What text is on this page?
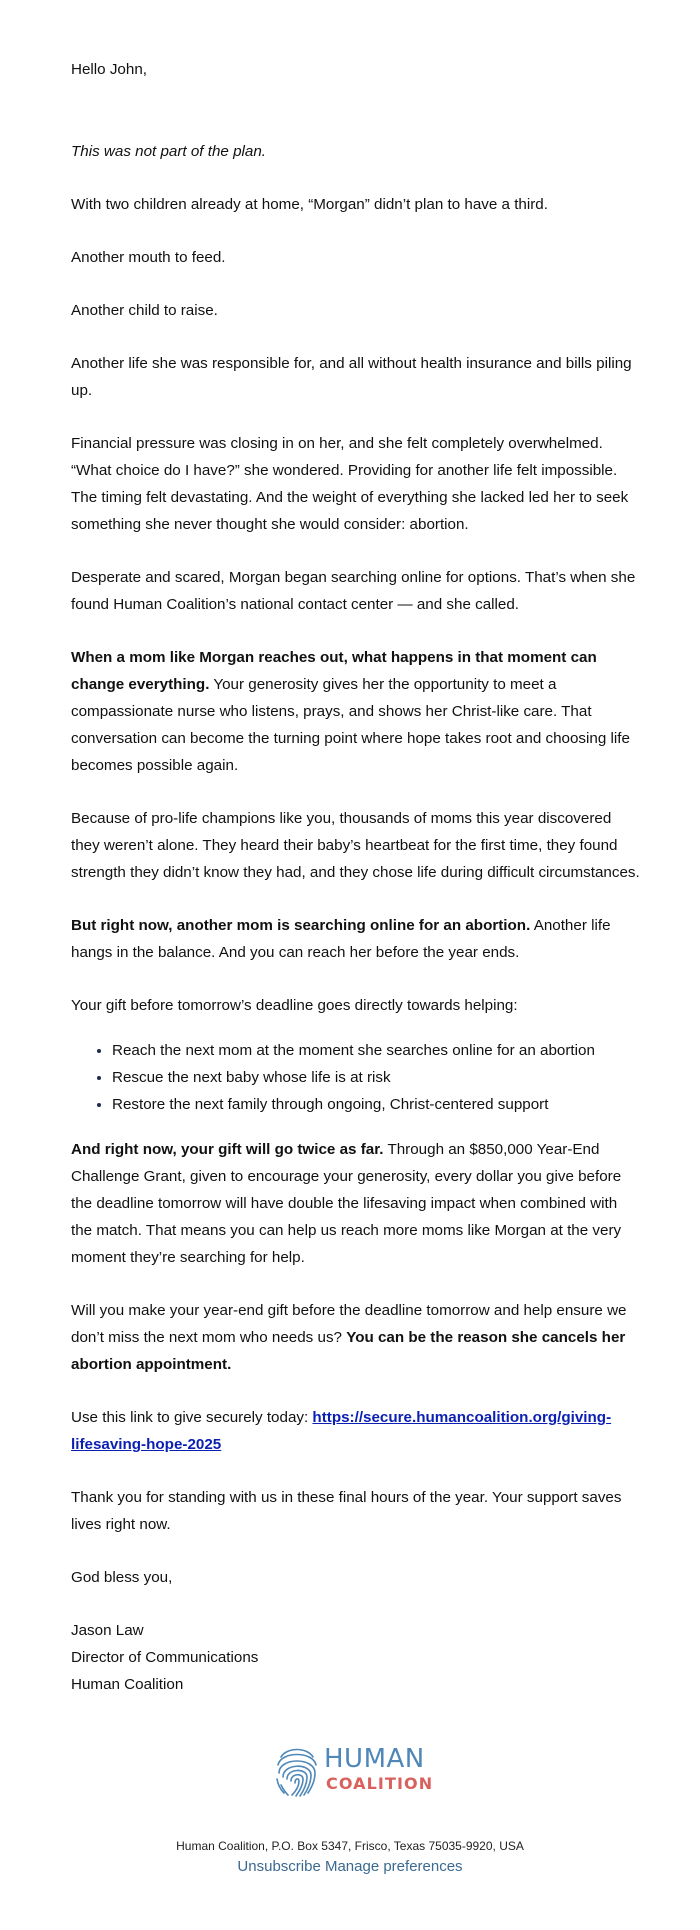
Hello John,

This was not part of the plan.

With two children already at home, “Morgan” didn’t plan to have a third.

Another mouth to feed.

Another child to raise.

Another life she was responsible for, and all without health insurance and bills piling up.

Financial pressure was closing in on her, and she felt completely overwhelmed. “What choice do I have?” she wondered. Providing for another life felt impossible. The timing felt devastating. And the weight of everything she lacked led her to seek something she never thought she would consider: abortion.

Desperate and scared, Morgan began searching online for options. That’s when she found Human Coalition’s national contact center — and she called.

When a mom like Morgan reaches out, what happens in that moment can change everything. Your generosity gives her the opportunity to meet a compassionate nurse who listens, prays, and shows her Christ-like care. That conversation can become the turning point where hope takes root and choosing life becomes possible again.

Because of pro-life champions like you, thousands of moms this year discovered they weren’t alone. They heard their baby’s heartbeat for the first time, they found strength they didn’t know they had, and they chose life during difficult circumstances.

But right now, another mom is searching online for an abortion. Another life hangs in the balance. And you can reach her before the year ends.

Your gift before tomorrow’s deadline goes directly towards helping:

• Reach the next mom at the moment she searches online for an abortion
• Rescue the next baby whose life is at risk
• Restore the next family through ongoing, Christ-centered support

And right now, your gift will go twice as far. Through an $850,000 Year-End Challenge Grant, given to encourage your generosity, every dollar you give before the deadline tomorrow will have double the lifesaving impact when combined with the match. That means you can help us reach more moms like Morgan at the very moment they’re searching for help.

Will you make your year-end gift before the deadline tomorrow and help ensure we don’t miss the next mom who needs us? You can be the reason she cancels her abortion appointment.

Use this link to give securely today: https://secure.humancoalition.org/giving-lifesaving-hope-2025

Thank you for standing with us in these final hours of the year. Your support saves lives right now.

God bless you,

Jason Law

Director of Communications

Human Coalition

HUMAN
COALITION
Human Coalition, P.O. Box 5347, Frisco, Texas 75035-9920, USA
Unsubscribe Manage preferences
